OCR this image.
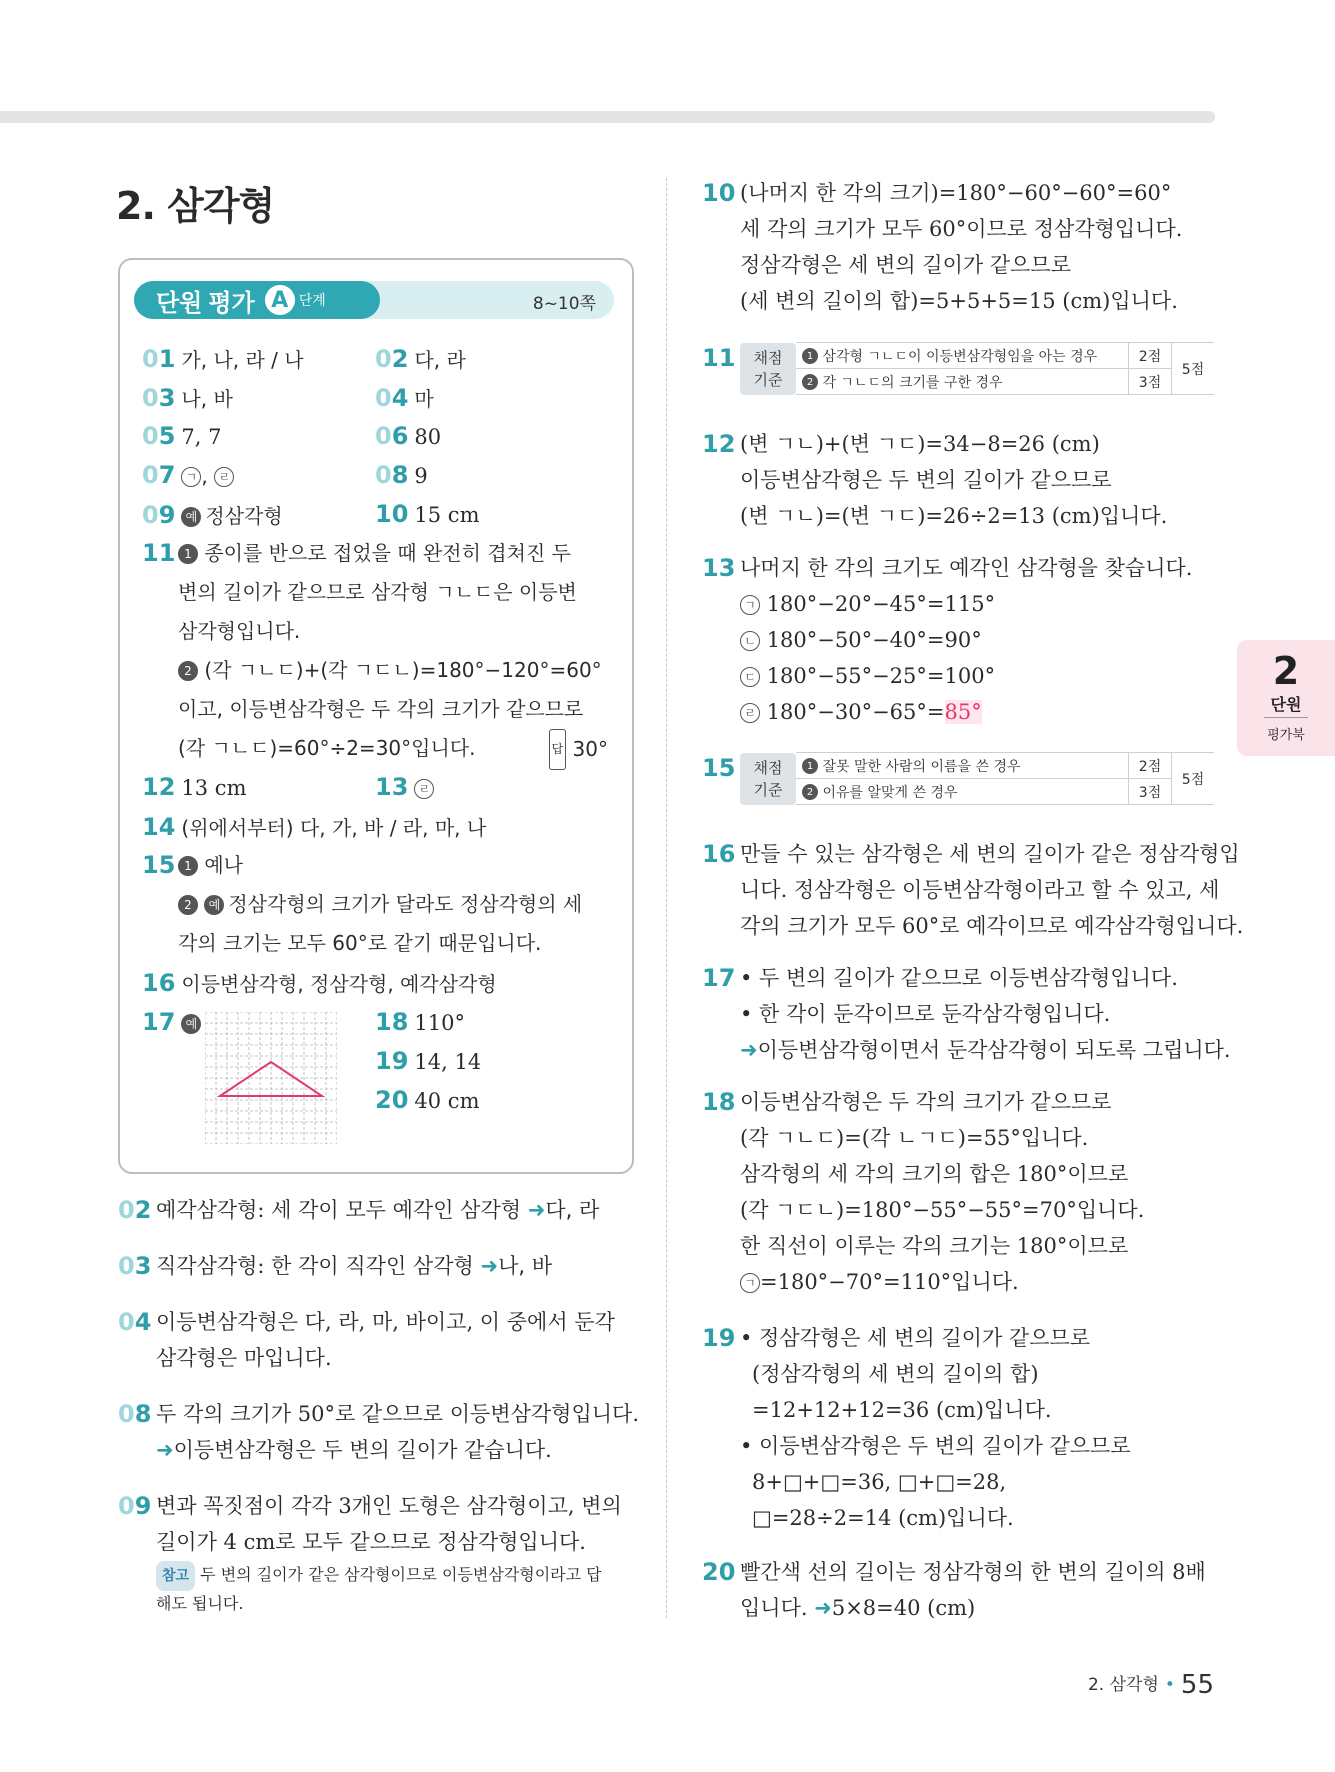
2. 삼각형
단원 평가 A 단계	8~10쪽
01 가, 나, 라 / 나	02 다, 라
03 나, 바	04 마
05 7, 7	06 80
07 ㄱ , ㄹ	08 9
09 예 정삼각형	10 15 cm
11 1 종이를 반으로 접었을 때 완전히 겹쳐진 두
변의 길이가 같으므로 삼각형 ㄱㄴㄷ은 이등변
삼각형입니다.
2 (각 ㄱㄴㄷ)+(각 ㄱㄷㄴ)=180°−120°=60°
이고, 이등변삼각형은 두 각의 크기가 같으므로
(각 ㄱㄴㄷ)=60°÷2=30°입니다.	답 30°
12 13 cm	13 ㄹ
14 (위에서부터) 다, 가, 바 / 라, 마, 나
15 1 예나
2 예 정삼각형의 크기가 달라도 정삼각형의 세
각의 크기는 모두 60°로 같기 때문입니다.
16 이등변삼각형, 정삼각형, 예각삼각형
17 예	18 110°
19 14, 14
20 40 cm
02 예각삼각형: 세 각이 모두 예각인 삼각형 ➜다, 라
03 직각삼각형: 한 각이 직각인 삼각형 ➜나, 바
04 이등변삼각형은 다, 라, 마, 바이고, 이 중에서 둔각
삼각형은 마입니다.
08 두 각의 크기가 50°로 같으므로 이등변삼각형입니다.
➜이등변삼각형은 두 변의 길이가 같습니다.
09 변과 꼭짓점이 각각 3개인 도형은 삼각형이고, 변의
길이가 4 cm로 모두 같으므로 정삼각형입니다.
참고 두 변의 길이가 같은 삼각형이므로 이등변삼각형이라고 답
해도 됩니다.
10 (나머지 한 각의 크기)=180°−60°−60°=60°
세 각의 크기가 모두 60°이므로 정삼각형입니다.
정삼각형은 세 변의 길이가 같으므로
(세 변의 길이의 합)=5+5+5=15 (cm)입니다.
11 채점
기준	1 삼각형 ㄱㄴㄷ이 이등변삼각형임을 아는 경우	2점	5점
	2 각 ㄱㄴㄷ의 크기를 구한 경우	3점	
12 (변 ㄱㄴ)+(변 ㄱㄷ)=34−8=26 (cm)
이등변삼각형은 두 변의 길이가 같으므로
(변 ㄱㄴ)=(변 ㄱㄷ)=26÷2=13 (cm)입니다.
13 나머지 한 각의 크기도 예각인 삼각형을 찾습니다.
ㄱ 180°−20°−45°=115°
ㄴ 180°−50°−40°=90°
ㄷ 180°−55°−25°=100°
ㄹ 180°−30°−65°=85°
15 채점
기준	1 잘못 말한 사람의 이름을 쓴 경우	2점	5점
	2 이유를 알맞게 쓴 경우	3점	
16 만들 수 있는 삼각형은 세 변의 길이가 같은 정삼각형입
니다. 정삼각형은 이등변삼각형이라고 할 수 있고, 세
각의 크기가 모두 60°로 예각이므로 예각삼각형입니다.
17 • 두 변의 길이가 같으므로 이등변삼각형입니다.
• 한 각이 둔각이므로 둔각삼각형입니다.
➜이등변삼각형이면서 둔각삼각형이 되도록 그립니다.
18 이등변삼각형은 두 각의 크기가 같으므로
(각 ㄱㄴㄷ)=(각 ㄴㄱㄷ)=55°입니다.
삼각형의 세 각의 크기의 합은 180°이므로
(각 ㄱㄷㄴ)=180°−55°−55°=70°입니다.
한 직선이 이루는 각의 크기는 180°이므로
ㄱ =180°−70°=110°입니다.
19 • 정삼각형은 세 변의 길이가 같으므로
(정삼각형의 세 변의 길이의 합)
=12+12+12=36 (cm)입니다.
• 이등변삼각형은 두 변의 길이가 같으므로
8+□+□=36, □+□=28,
□=28÷2=14 (cm)입니다.
20 빨간색 선의 길이는 정삼각형의 한 변의 길이의 8배
입니다. ➜5×8=40 (cm)
2
단원
평가북
2. 삼각형 • 55
